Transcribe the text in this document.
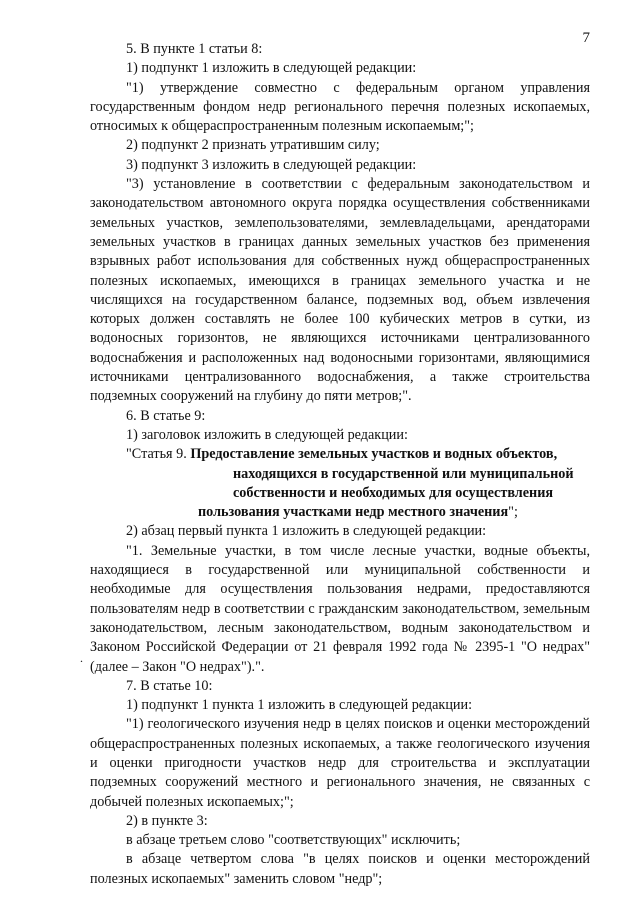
7
.

5. В пункте 1 статьи 8:

1) подпункт 1 изложить в следующей редакции:

"1) утверждение совместно с федеральным органом управления государственным фондом недр регионального перечня полезных ископаемых, относимых к общераспространенным полезным ископаемым;";

2) подпункт 2 признать утратившим силу;

3) подпункт 3 изложить в следующей редакции:

"3) установление в соответствии с федеральным законодательством и законодательством автономного округа порядка осуществления собственниками земельных участков, землепользователями, землевладельцами, арендаторами земельных участков в границах данных земельных участков без применения взрывных работ использования для собственных нужд общераспространенных полезных ископаемых, имеющихся в границах земельного участка и не числящихся на государственном балансе, подземных вод, объем извлечения которых должен составлять не более 100 кубических метров в сутки, из водоносных горизонтов, не являющихся источниками централизованного водоснабжения и расположенных над водоносными горизонтами, являющимися источниками централизованного водоснабжения, а также строительства подземных сооружений на глубину до пяти метров;".

6. В статье 9:

1) заголовок изложить в следующей редакции:

"Статья 9. Предоставление земельных участков и водных объектов,
находящихся в государственной или муниципальной
собственности и необходимых для осуществления
пользования участками недр местного значения";

2) абзац первый пункта 1 изложить в следующей редакции:

"1. Земельные участки, в том числе лесные участки, водные объекты, находящиеся в государственной или муниципальной собственности и необходимые для осуществления пользования недрами, предоставляются пользователям недр в соответствии с гражданским законодательством, земельным законодательством, лесным законодательством, водным законодательством и Законом Российской Федерации от 21 февраля 1992 года № 2395-1 "О недрах" (далее – Закон "О недрах").".

7. В статье 10:

1) подпункт 1 пункта 1 изложить в следующей редакции:

"1) геологического изучения недр в целях поисков и оценки месторождений общераспространенных полезных ископаемых, а также геологического изучения и оценки пригодности участков недр для строительства и эксплуатации подземных сооружений местного и регионального значения, не связанных с добычей полезных ископаемых;";

2) в пункте 3:

в абзаце третьем слово "соответствующих" исключить;

в абзаце четвертом слова "в целях поисков и оценки месторождений полезных ископаемых" заменить словом "недр";
